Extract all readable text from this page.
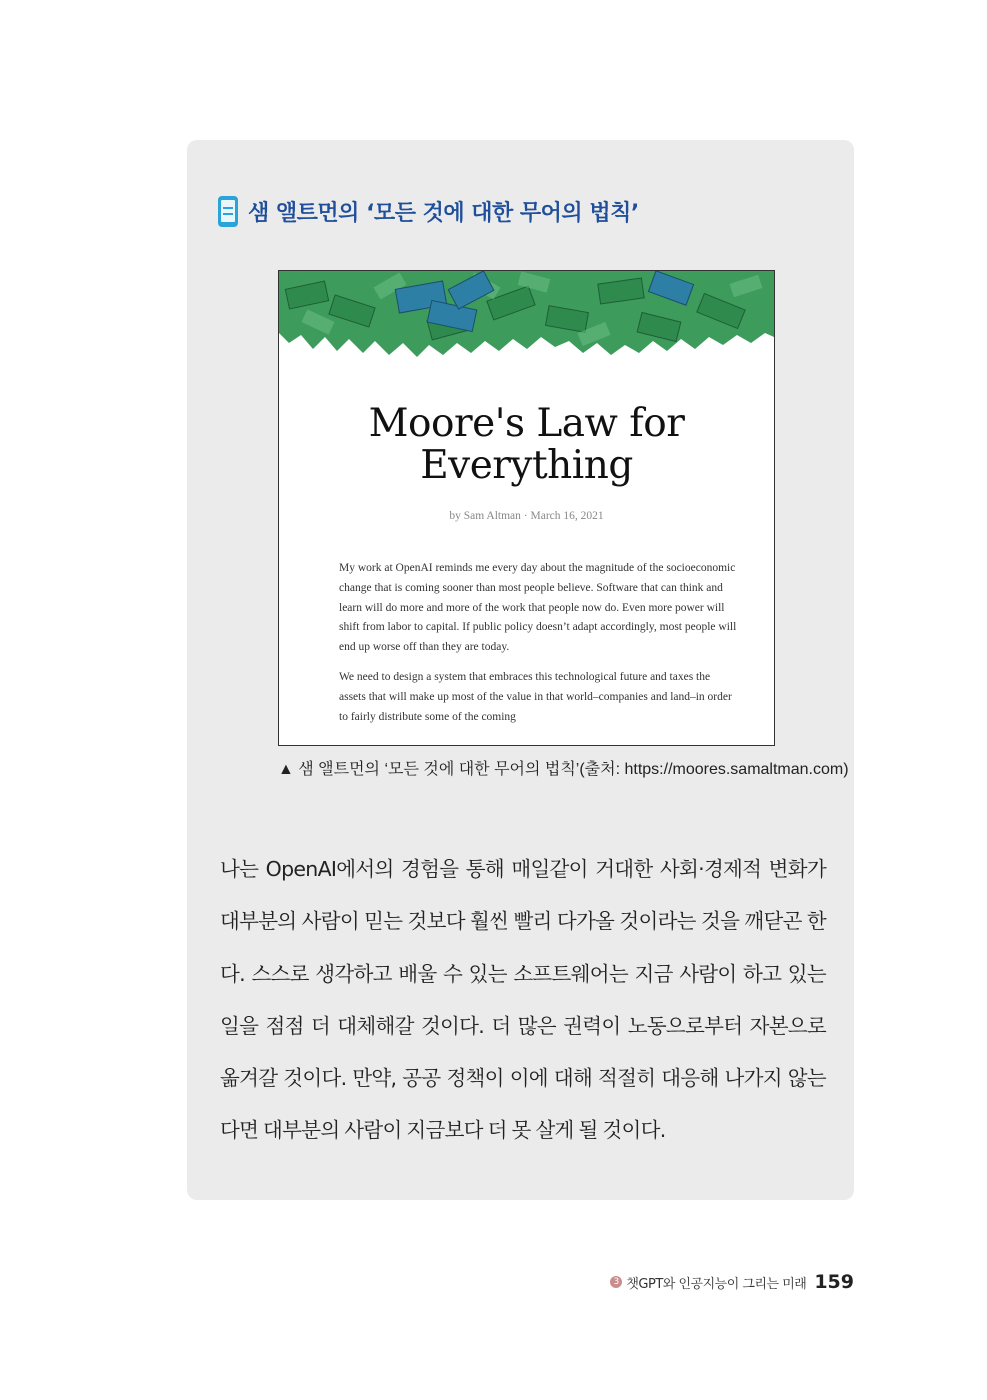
샘 앨트먼의 ‘모든 것에 대한 무어의 법칙’
Moore's Law for
Everything
by Sam Altman · March 16, 2021

My work at OpenAI reminds me every day about the magnitude of the socioeconomic change that is coming sooner than most people believe. Software that can think and learn will do more and more of the work that people now do. Even more power will shift from labor to capital. If public policy doesn’t adapt accordingly, most people will end up worse off than they are today.

We need to design a system that embraces this technological future and taxes the assets that will make up most of the value in that world–companies and land–in order to fairly distribute some of the coming

▲ 샘 앨트먼의 ‘모든 것에 대한 무어의 법칙’(출처: https://moores.samaltman.com)
나는 OpenAI에서의 경험을 통해 매일같이 거대한 사회·경제적 변화가 대부분의 사람이 믿는 것보다 훨씬 빨리 다가올 것이라는 것을 깨닫곤 한다. 스스로 생각하고 배울 수 있는 소프트웨어는 지금 사람이 하고 있는 일을 점점 더 대체해갈 것이다. 더 많은 권력이 노동으로부터 자본으로 옮겨갈 것이다. 만약, 공공 정책이 이에 대해 적절히 대응해 나가지 않는다면 대부분의 사람이 지금보다 더 못 살게 될 것이다.
3 챗GPT와 인공지능이 그리는 미래 159
